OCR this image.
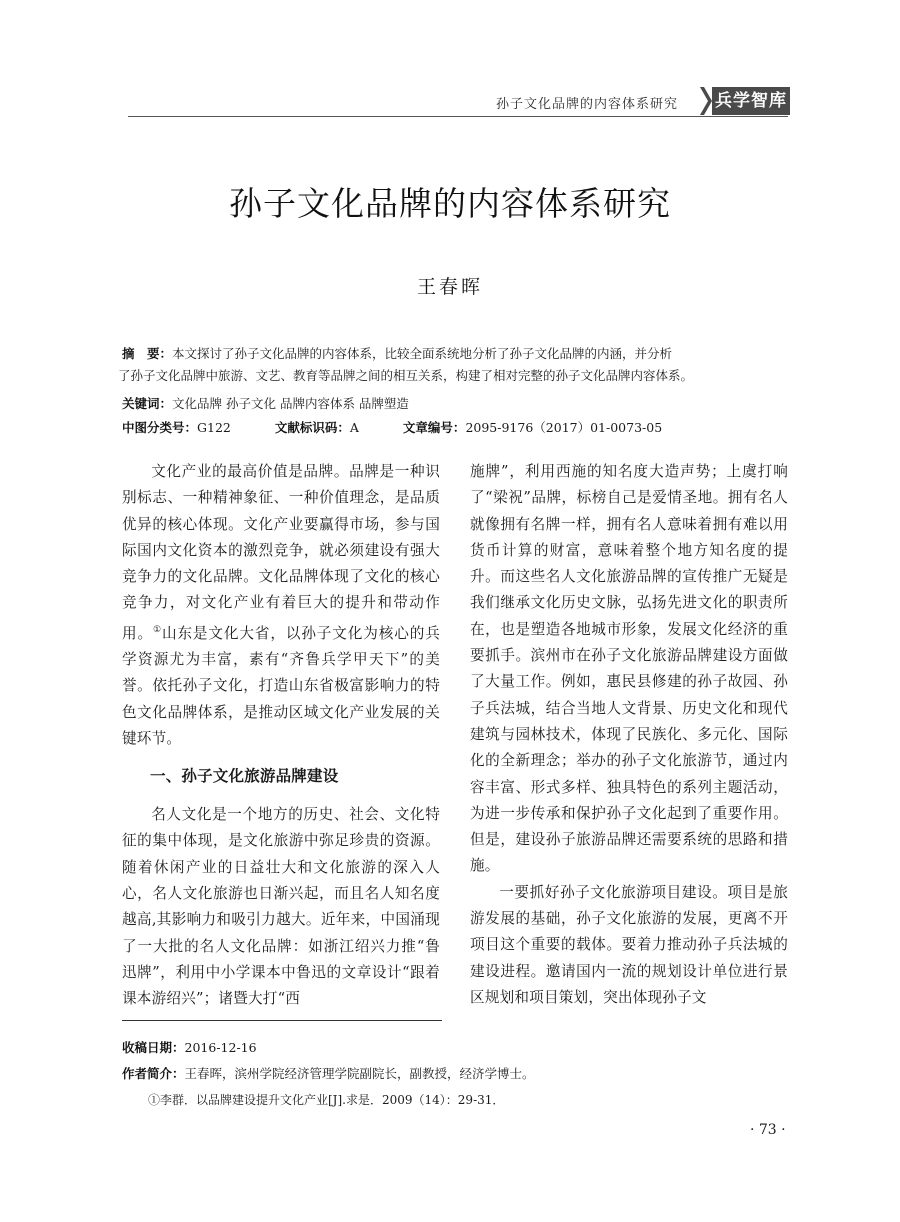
孙子文化品牌的内容体系研究 兵学智库
孙子文化品牌的内容体系研究
王春晖
摘　要：本文探讨了孙子文化品牌的内容体系，比较全面系统地分析了孙子文化品牌的内涵，并分析
了孙子文化品牌中旅游、文艺、教育等品牌之间的相互关系，构建了相对完整的孙子文化品牌内容体系。
关键词：文化品牌 孙子文化 品牌内容体系 品牌塑造
中图分类号：G122	文献标识码：A	文章编号：2095-9176（2017）01-0073-05

文化产业的最高价值是品牌。品牌是一种识别标志、一种精神象征、一种价值理念，是品质优异的核心体现。文化产业要赢得市场，参与国际国内文化资本的激烈竞争，就必须建设有强大竞争力的文化品牌。文化品牌体现了文化的核心竞争力，对文化产业有着巨大的提升和带动作用。①山东是文化大省，以孙子文化为核心的兵学资源尤为丰富，素有“齐鲁兵学甲天下”的美誉。依托孙子文化，打造山东省极富影响力的特色文化品牌体系，是推动区域文化产业发展的关键环节。

一、孙子文化旅游品牌建设

名人文化是一个地方的历史、社会、文化特征的集中体现，是文化旅游中弥足珍贵的资源。随着休闲产业的日益壮大和文化旅游的深入人心，名人文化旅游也日渐兴起，而且名人知名度越高,其影响力和吸引力越大。近年来，中国涌现了一大批的名人文化品牌：如浙江绍兴力推“鲁迅牌”，利用中小学课本中鲁迅的文章设计“跟着课本游绍兴”；诸暨大打“西

施牌”，利用西施的知名度大造声势；上虞打响了“梁祝”品牌，标榜自己是爱情圣地。拥有名人就像拥有名牌一样，拥有名人意味着拥有难以用货币计算的财富，意味着整个地方知名度的提升。而这些名人文化旅游品牌的宣传推广无疑是我们继承文化历史文脉，弘扬先进文化的职责所在，也是塑造各地城市形象，发展文化经济的重要抓手。滨州市在孙子文化旅游品牌建设方面做了大量工作。例如，惠民县修建的孙子故园、孙子兵法城，结合当地人文背景、历史文化和现代建筑与园林技术，体现了民族化、多元化、国际化的全新理念；举办的孙子文化旅游节，通过内容丰富、形式多样、独具特色的系列主题活动，为进一步传承和保护孙子文化起到了重要作用。但是，建设孙子旅游品牌还需要系统的思路和措施。

一要抓好孙子文化旅游项目建设。项目是旅游发展的基础，孙子文化旅游的发展，更离不开项目这个重要的载体。要着力推动孙子兵法城的建设进程。邀请国内一流的规划设计单位进行景区规划和项目策划，突出体现孙子文

收稿日期：2016-12-16
作者简介：王春晖，滨州学院经济管理学院副院长，副教授，经济学博士。
①李群．以品牌建设提升文化产业[J].求是．2009（14）：29-31．
· 73 ·
